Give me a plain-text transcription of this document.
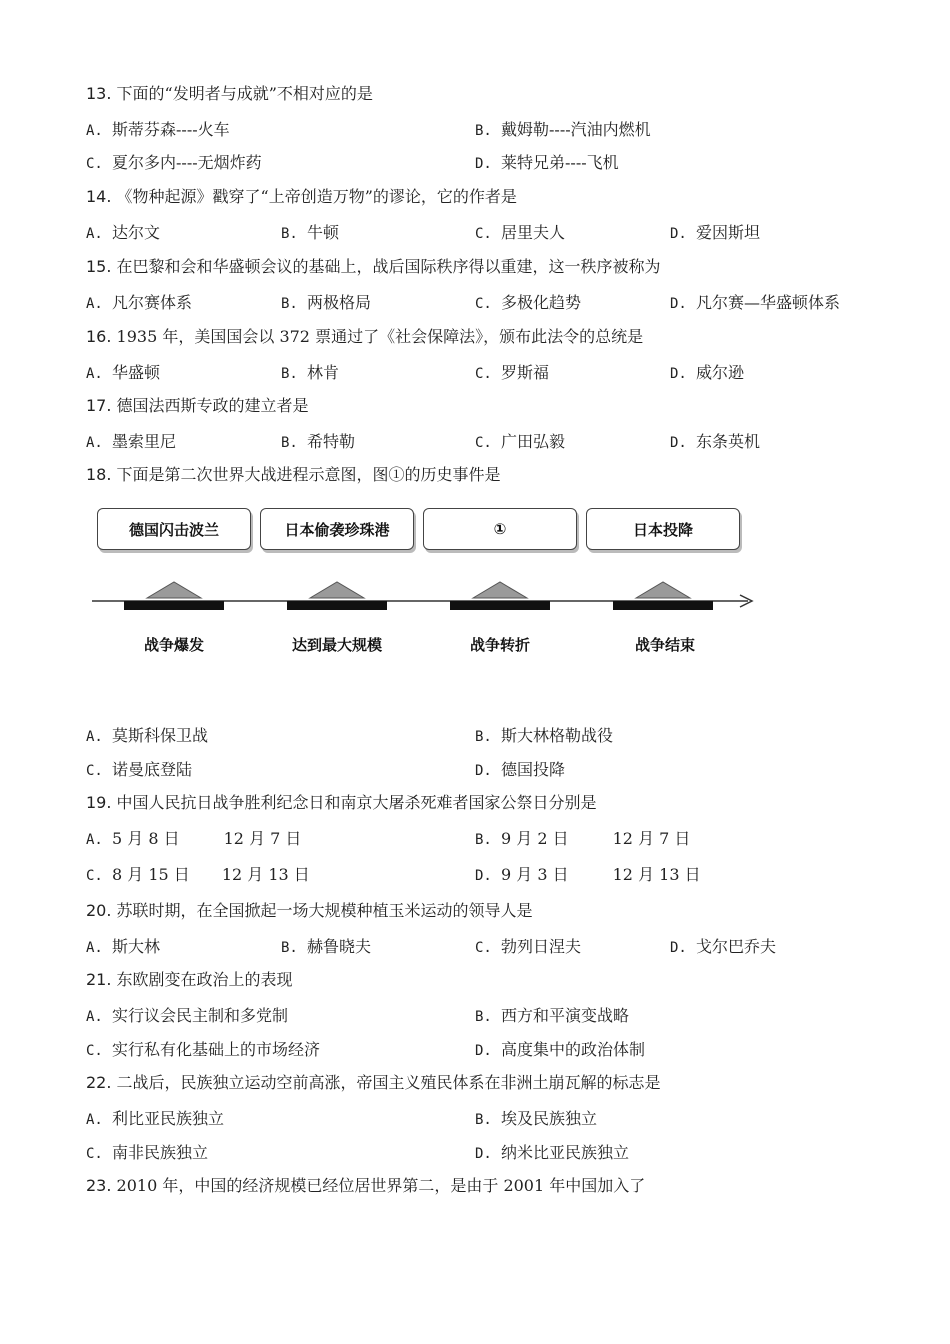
13. 下面的“发明者与成就”不相对应的是
A. 斯蒂芬森----火车	B. 戴姆勒----汽油内燃机
C. 夏尔多内----无烟炸药	D. 莱特兄弟----飞机
14. 《物种起源》戳穿了“上帝创造万物”的谬论，它的作者是
A. 达尔文	B. 牛顿	C. 居里夫人	D. 爱因斯坦
15. 在巴黎和会和华盛顿会议的基础上，战后国际秩序得以重建，这一秩序被称为
A. 凡尔赛体系	B. 两极格局	C. 多极化趋势	D. 凡尔赛—华盛顿体系
16. 1935 年，美国国会以 372 票通过了《社会保障法》，颁布此法令的总统是
A. 华盛顿	B. 林肯	C. 罗斯福	D. 威尔逊
17. 德国法西斯专政的建立者是
A. 墨索里尼	B. 希特勒	C. 广田弘毅	D. 东条英机
18. 下面是第二次世界大战进程示意图，图①的历史事件是
德国闪击波兰	日本偷袭珍珠港	①	日本投降
战争爆发	达到最大规模	战争转折	战争结束
A. 莫斯科保卫战	B. 斯大林格勒战役
C. 诺曼底登陆	D. 德国投降
19. 中国人民抗日战争胜利纪念日和南京大屠杀死难者国家公祭日分别是
A. 5 月 8 日	12 月 7 日	B. 9 月 2 日	12 月 7 日
C. 8 月 15 日 12 月 13 日	D. 9 月 3 日	12 月 13 日
20. 苏联时期，在全国掀起一场大规模种植玉米运动的领导人是
A. 斯大林	B. 赫鲁晓夫	C. 勃列日涅夫	D. 戈尔巴乔夫
21. 东欧剧变在政治上的表现
A. 实行议会民主制和多党制	B. 西方和平演变战略
C. 实行私有化基础上的市场经济	D. 高度集中的政治体制
22. 二战后，民族独立运动空前高涨，帝国主义殖民体系在非洲土崩瓦解的标志是
A. 利比亚民族独立	B. 埃及民族独立
C. 南非民族独立	D. 纳米比亚民族独立
23. 2010 年，中国的经济规模已经位居世界第二，是由于 2001 年中国加入了
